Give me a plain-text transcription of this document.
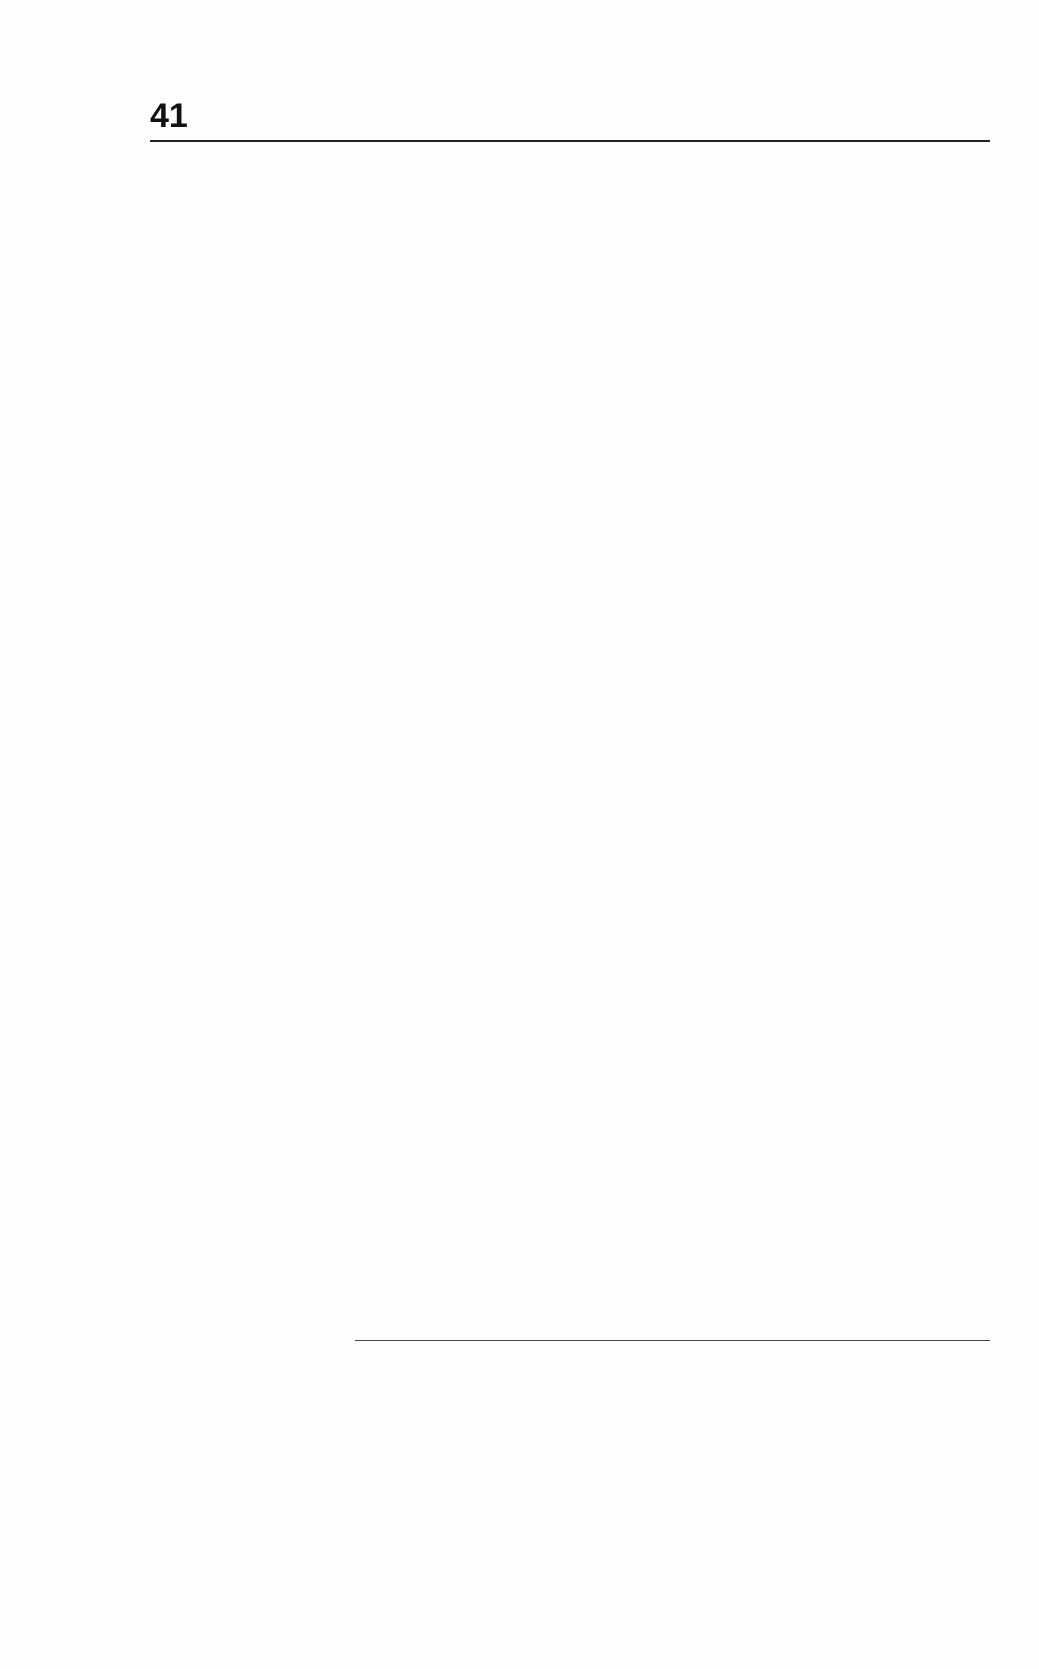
41
